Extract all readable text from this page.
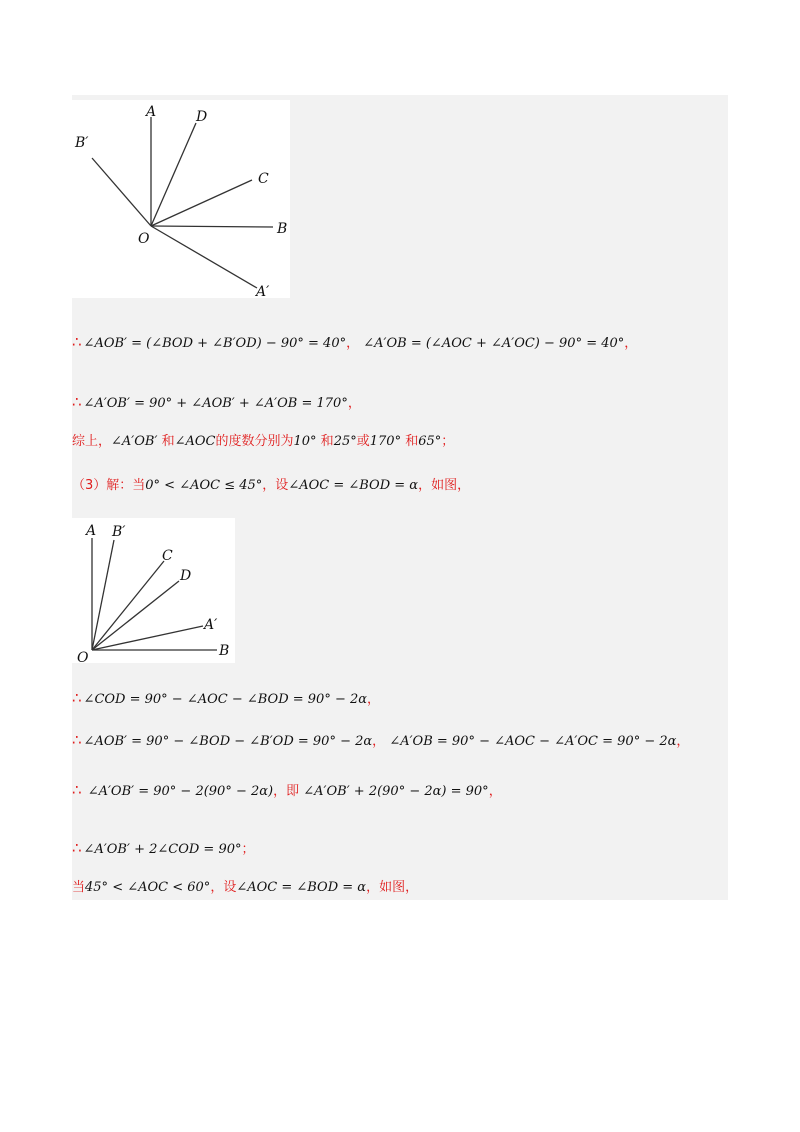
A	D
B′
C
O
B
A′
∴ ∠AOB′ = (∠BOD + ∠B′OD) − 90° = 40°， ∠A′OB = (∠AOC + ∠A′OC) − 90° = 40°，
∴ ∠A′OB′ = 90° + ∠AOB′ + ∠A′OB = 170°，
综上，∠A′OB′ 和∠AOC的度数分别为10° 和25°或170° 和65°；
（3）解：当0° < ∠AOC ≤ 45°，设∠AOC = ∠BOD = α，如图，
A B′
C
D
A′
O	B
∴ ∠COD = 90° − ∠AOC − ∠BOD = 90° − 2α，
∴ ∠AOB′ = 90° − ∠BOD − ∠B′OD = 90° − 2α， ∠A′OB = 90° − ∠AOC − ∠A′OC = 90° − 2α，
∴ ∠A′OB′ = 90° − 2(90° − 2α)，即 ∠A′OB′ + 2(90° − 2α) = 90°，
∴ ∠A′OB′ + 2∠COD = 90°；
当45° < ∠AOC < 60°，设∠AOC = ∠BOD = α，如图，
